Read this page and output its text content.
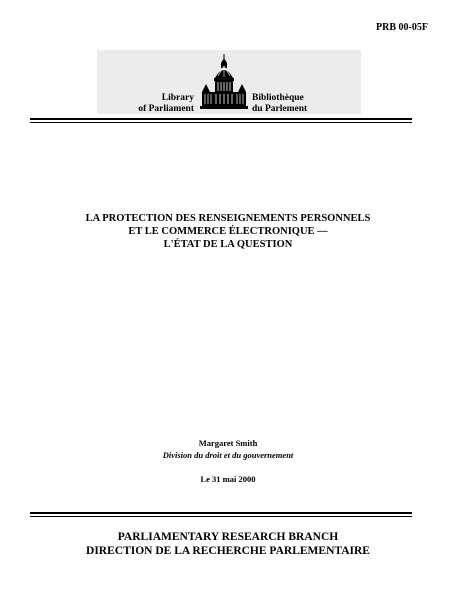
PRB 00-05F

Library
of Parliament
Bibliothèque
du Parlement
LA PROTECTION DES RENSEIGNEMENTS PERSONNELS
ET LE COMMERCE ÉLECTRONIQUE —
L'ÉTAT DE LA QUESTION
Margaret Smith
Division du droit et du gouvernement
Le 31 mai 2000
PARLIAMENTARY RESEARCH BRANCH
DIRECTION DE LA RECHERCHE PARLEMENTAIRE
